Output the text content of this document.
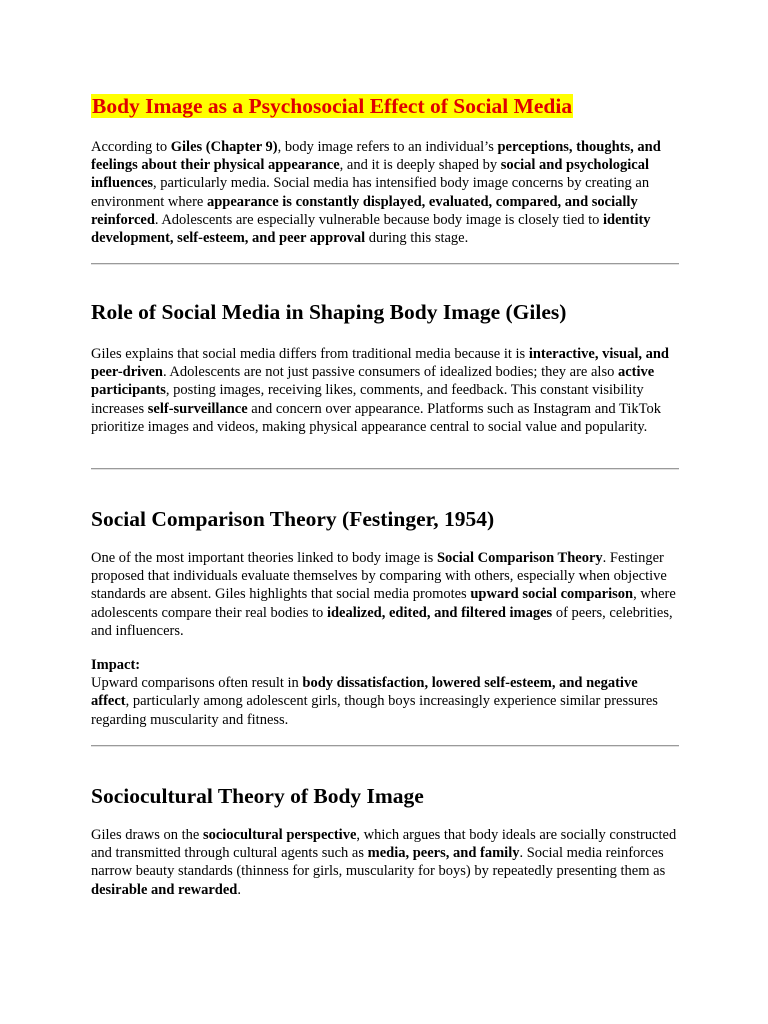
Body Image as a Psychosocial Effect of Social Media

According to Giles (Chapter 9), body image refers to an individual’s perceptions, thoughts, and feelings about their physical appearance, and it is deeply shaped by social and psychological influences, particularly media. Social media has intensified body image concerns by creating an environment where appearance is constantly displayed, evaluated, compared, and socially reinforced. Adolescents are especially vulnerable because body image is closely tied to identity development, self-esteem, and peer approval during this stage.

Role of Social Media in Shaping Body Image (Giles)

Giles explains that social media differs from traditional media because it is interactive, visual, and peer-driven. Adolescents are not just passive consumers of idealized bodies; they are also active participants, posting images, receiving likes, comments, and feedback. This constant visibility increases self-surveillance and concern over appearance. Platforms such as Instagram and TikTok prioritize images and videos, making physical appearance central to social value and popularity.

Social Comparison Theory (Festinger, 1954)

One of the most important theories linked to body image is Social Comparison Theory. Festinger proposed that individuals evaluate themselves by comparing with others, especially when objective standards are absent. Giles highlights that social media promotes upward social comparison, where adolescents compare their real bodies to idealized, edited, and filtered images of peers, celebrities, and influencers.

Impact:
Upward comparisons often result in body dissatisfaction, lowered self-esteem, and negative affect, particularly among adolescent girls, though boys increasingly experience similar pressures regarding muscularity and fitness.

Sociocultural Theory of Body Image

Giles draws on the sociocultural perspective, which argues that body ideals are socially constructed and transmitted through cultural agents such as media, peers, and family. Social media reinforces narrow beauty standards (thinness for girls, muscularity for boys) by repeatedly presenting them as desirable and rewarded.
